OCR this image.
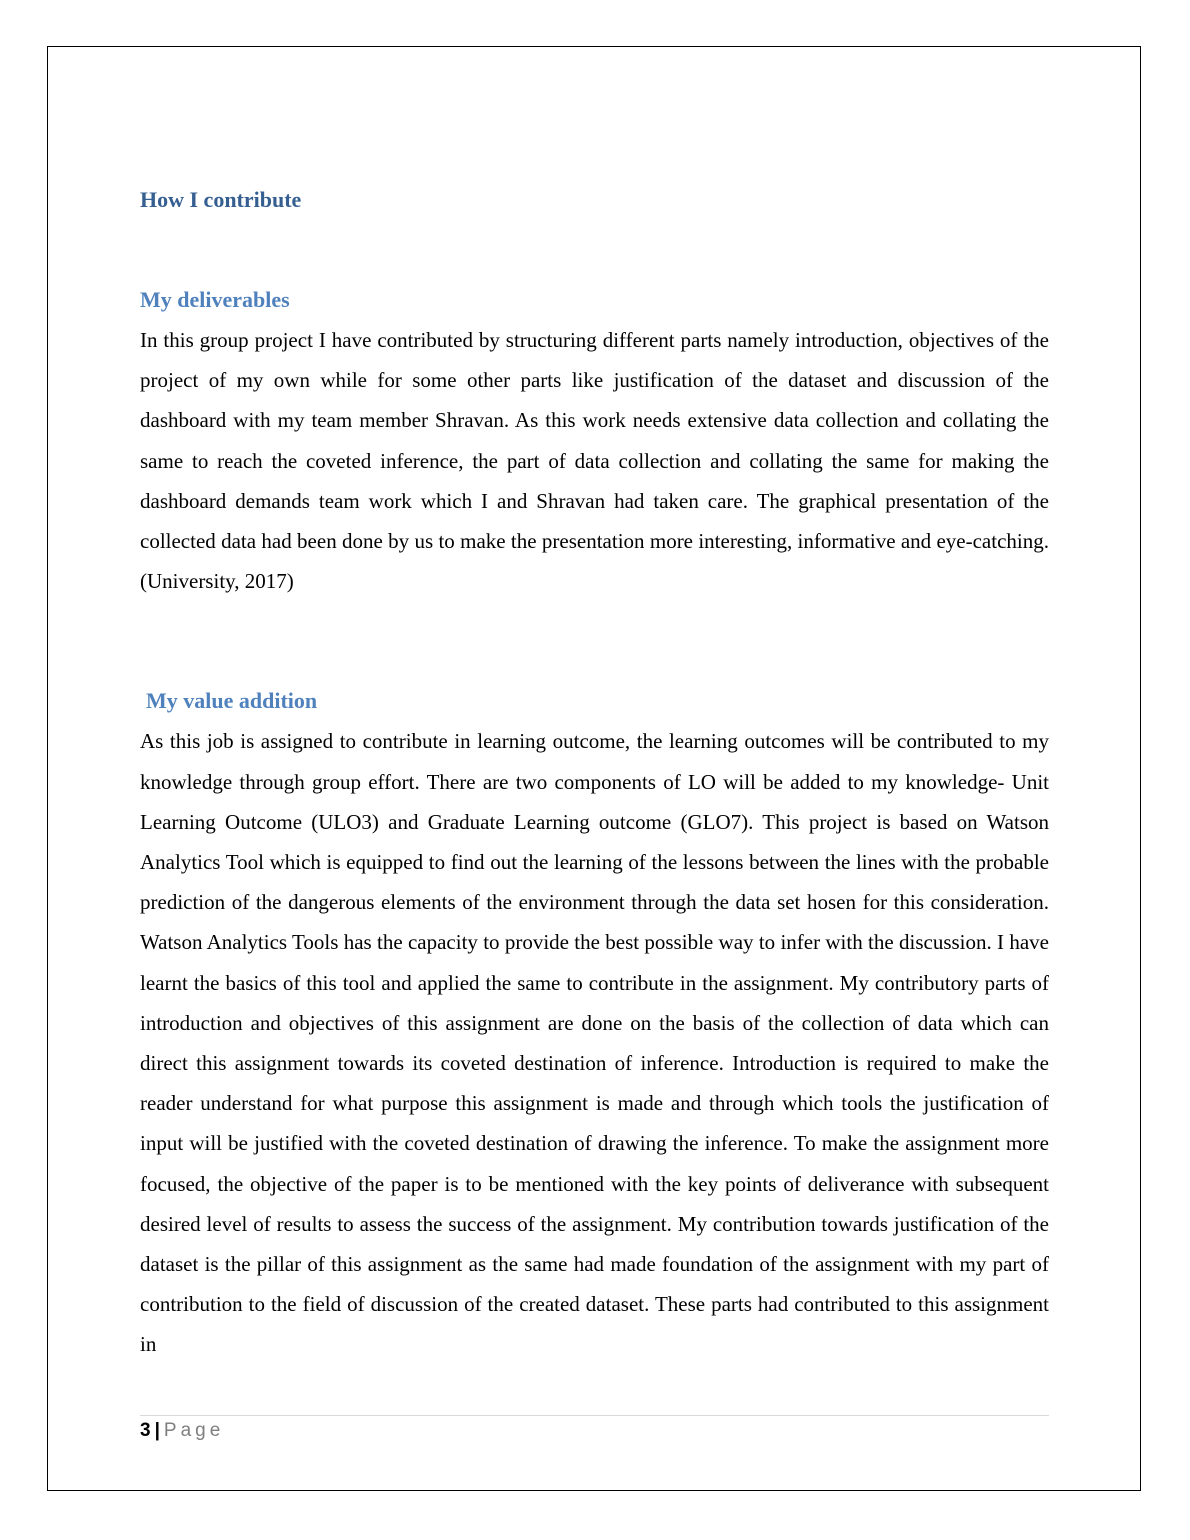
How I contribute
My deliverables

In this group project I have contributed by structuring different parts namely introduction, objectives of the project of my own while for some other parts like justification of the dataset and discussion of the dashboard with my team member Shravan. As this work needs extensive data collection and collating the same to reach the coveted inference, the part of data collection and collating the same for making the dashboard demands team work which I and Shravan had taken care. The graphical presentation of the collected data had been done by us to make the presentation more interesting, informative and eye-catching. (University, 2017)

My value addition

As this job is assigned to contribute in learning outcome, the learning outcomes will be contributed to my knowledge through group effort. There are two components of LO will be added to my knowledge- Unit Learning Outcome (ULO3) and Graduate Learning outcome (GLO7). This project is based on Watson Analytics Tool which is equipped to find out the learning of the lessons between the lines with the probable prediction of the dangerous elements of the environment through the data set hosen for this consideration. Watson Analytics Tools has the capacity to provide the best possible way to infer with the discussion. I have learnt the basics of this tool and applied the same to contribute in the assignment. My contributory parts of introduction and objectives of this assignment are done on the basis of the collection of data which can direct this assignment towards its coveted destination of inference. Introduction is required to make the reader understand for what purpose this assignment is made and through which tools the justification of input will be justified with the coveted destination of drawing the inference. To make the assignment more focused, the objective of the paper is to be mentioned with the key points of deliverance with subsequent desired level of results to assess the success of the assignment. My contribution towards justification of the dataset is the pillar of this assignment as the same had made foundation of the assignment with my part of contribution to the field of discussion of the created dataset. These parts had contributed to this assignment in

3 | Page
